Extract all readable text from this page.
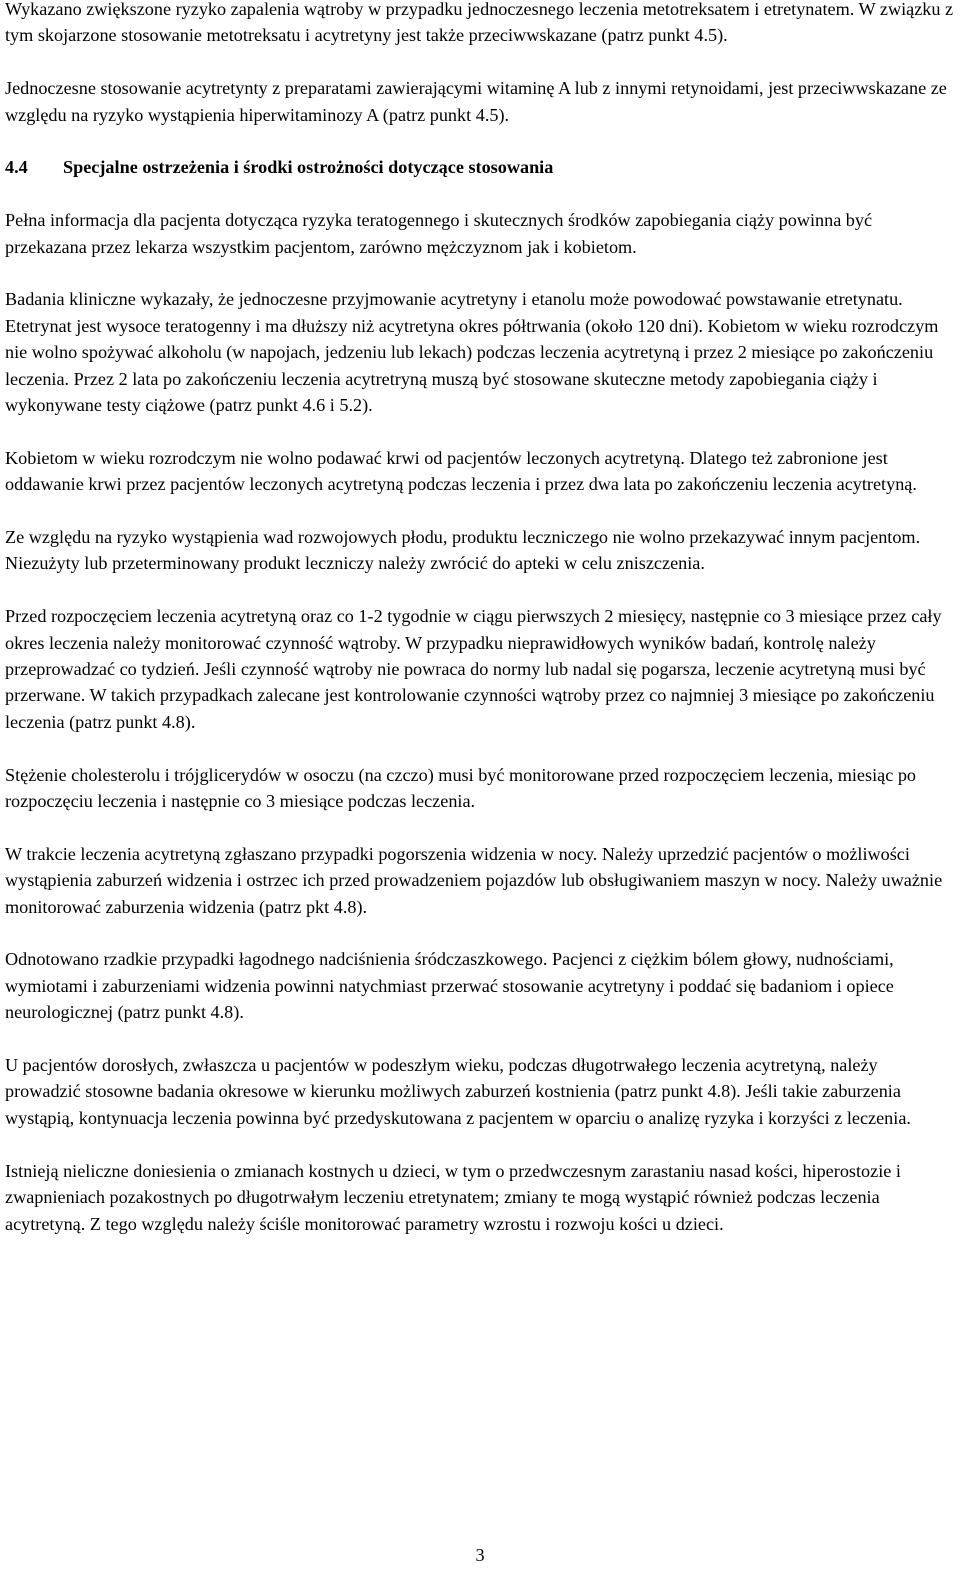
Wykazano zwiększone ryzyko zapalenia wątroby w przypadku jednoczesnego leczenia metotreksatem i etretynatem. W związku z tym skojarzone stosowanie metotreksatu i acytretyny jest także przeciwwskazane (patrz punkt 4.5).

Jednoczesne stosowanie acytretynty z preparatami zawierającymi witaminę A lub z innymi retynoidami, jest przeciwwskazane ze względu na ryzyko wystąpienia hiperwitaminozy A (patrz punkt 4.5).

4.4	Specjalne ostrzeżenia i środki ostrożności dotyczące stosowania

Pełna informacja dla pacjenta dotycząca ryzyka teratogennego i skutecznych środków zapobiegania ciąży powinna być przekazana przez lekarza wszystkim pacjentom, zarówno mężczyznom jak i kobietom.

Badania kliniczne wykazały, że jednoczesne przyjmowanie acytretyny i etanolu może powodować powstawanie etretynatu. Etetrynat jest wysoce teratogenny i ma dłuższy niż acytretyna okres półtrwania (około 120 dni). Kobietom w wieku rozrodczym nie wolno spożywać alkoholu (w napojach, jedzeniu lub lekach) podczas leczenia acytretyną i przez 2 miesiące po zakończeniu leczenia. Przez 2 lata po zakończeniu leczenia acytretryną muszą być stosowane skuteczne metody zapobiegania ciąży i wykonywane testy ciążowe (patrz punkt 4.6 i 5.2).

Kobietom w wieku rozrodczym nie wolno podawać krwi od pacjentów leczonych acytretyną. Dlatego też zabronione jest oddawanie krwi przez pacjentów leczonych acytretyną podczas leczenia i przez dwa lata po zakończeniu leczenia acytretyną.

Ze względu na ryzyko wystąpienia wad rozwojowych płodu, produktu leczniczego nie wolno przekazywać innym pacjentom. Niezużyty lub przeterminowany produkt leczniczy należy zwrócić do apteki w celu zniszczenia.

Przed rozpoczęciem leczenia acytretyną oraz co 1-2 tygodnie w ciągu pierwszych 2 miesięcy, następnie co 3 miesiące przez cały okres leczenia należy monitorować czynność wątroby. W przypadku nieprawidłowych wyników badań, kontrolę należy przeprowadzać co tydzień. Jeśli czynność wątroby nie powraca do normy lub nadal się pogarsza, leczenie acytretyną musi być przerwane. W takich przypadkach zalecane jest kontrolowanie czynności wątroby przez co najmniej 3 miesiące po zakończeniu leczenia (patrz punkt 4.8).

Stężenie cholesterolu i trójglicerydów w osoczu (na czczo) musi być monitorowane przed rozpoczęciem leczenia, miesiąc po rozpoczęciu leczenia i następnie co 3 miesiące podczas leczenia.

W trakcie leczenia acytretyną zgłaszano przypadki pogorszenia widzenia w nocy. Należy uprzedzić pacjentów o możliwości wystąpienia zaburzeń widzenia i ostrzec ich przed prowadzeniem pojazdów lub obsługiwaniem maszyn w nocy. Należy uważnie monitorować zaburzenia widzenia (patrz pkt 4.8).

Odnotowano rzadkie przypadki łagodnego nadciśnienia śródczaszkowego. Pacjenci z ciężkim bólem głowy, nudnościami, wymiotami i zaburzeniami widzenia powinni natychmiast przerwać stosowanie acytretyny i poddać się badaniom i opiece neurologicznej (patrz punkt 4.8).

U pacjentów dorosłych, zwłaszcza u pacjentów w podeszłym wieku, podczas długotrwałego leczenia acytretyną, należy prowadzić stosowne badania okresowe w kierunku możliwych zaburzeń kostnienia (patrz punkt 4.8). Jeśli takie zaburzenia wystąpią, kontynuacja leczenia powinna być przedyskutowana z pacjentem w oparciu o analizę ryzyka i korzyści z leczenia.

Istnieją nieliczne doniesienia o zmianach kostnych u dzieci, w tym o przedwczesnym zarastaniu nasad kości, hiperostozie i zwapnieniach pozakostnych po długotrwałym leczeniu etretynatem; zmiany te mogą wystąpić również podczas leczenia acytretyną. Z tego względu należy ściśle monitorować parametry wzrostu i rozwoju kości u dzieci.

3
